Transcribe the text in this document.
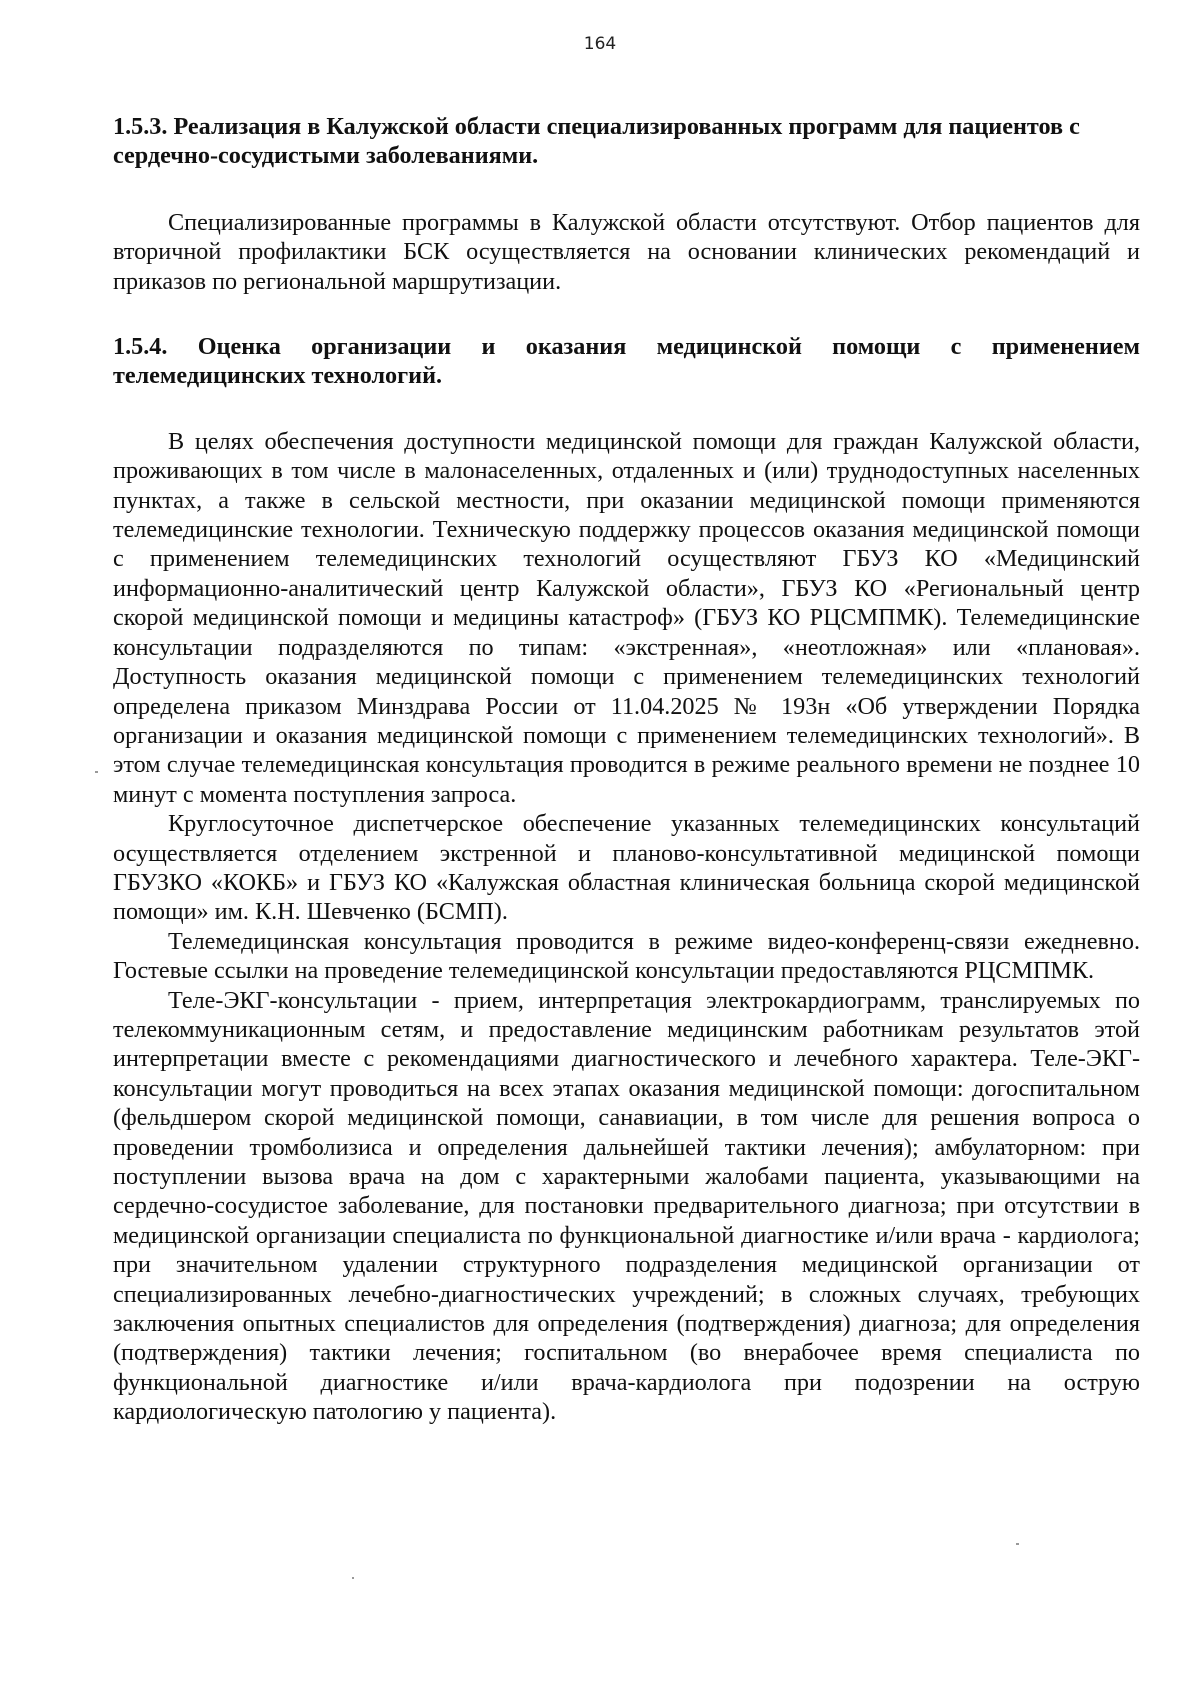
164

1.5.3. Реализация в Калужской области специализированных программ для пациентов с сердечно-сосудистыми заболеваниями.

Специализированные программы в Калужской области отсутствуют. Отбор пациентов для вторичной профилактики БСК осуществляется на основании клинических рекомендаций и приказов по региональной маршрутизации.

1.5.4. Оценка организации и оказания медицинской помощи с применением телемедицинских технологий.

В целях обеспечения доступности медицинской помощи для граждан Калужской области, проживающих в том числе в малонаселенных, отдаленных и (или) труднодоступных населенных пунктах, а также в сельской местности, при оказании медицинской помощи применяются телемедицинские технологии. Техническую поддержку процессов оказания медицинской помощи с применением телемедицинских технологий осуществляют ГБУЗ КО «Медицинский информационно-аналитический центр Калужской области», ГБУЗ КО «Региональный центр скорой медицинской помощи и медицины катастроф» (ГБУЗ КО РЦСМПМК). Телемедицинские консультации подразделяются по типам: «экстренная», «неотложная» или «плановая». Доступность оказания медицинской помощи с применением телемедицинских технологий определена приказом Минздрава России от 11.04.2025 № 193н «Об утверждении Порядка организации и оказания медицинской помощи с применением телемедицинских технологий». В этом случае телемедицинская консультация проводится в режиме реального времени не позднее 10 минут с момента поступления запроса.

Круглосуточное диспетчерское обеспечение указанных телемедицинских консультаций осуществляется отделением экстренной и планово-консультативной медицинской помощи ГБУЗКО «КОКБ» и ГБУЗ КО «Калужская областная клиническая больница скорой медицинской помощи» им. К.Н. Шевченко (БСМП).

Телемедицинская консультация проводится в режиме видео-конференц-связи ежедневно. Гостевые ссылки на проведение телемедицинской консультации предоставляются РЦСМПМК.

Теле-ЭКГ-консультации - прием, интерпретация электрокардиограмм, транслируемых по телекоммуникационным сетям, и предоставление медицинским работникам результатов этой интерпретации вместе с рекомендациями диагностического и лечебного характера. Теле-ЭКГ-консультации могут проводиться на всех этапах оказания медицинской помощи: догоспитальном (фельдшером скорой медицинской помощи, санавиации, в том числе для решения вопроса о проведении тромболизиса и определения дальнейшей тактики лечения); амбулаторном: при поступлении вызова врача на дом с характерными жалобами пациента, указывающими на сердечно-сосудистое заболевание, для постановки предварительного диагноза; при отсутствии в медицинской организации специалиста по функциональной диагностике и/или врача - кардиолога; при значительном удалении структурного подразделения медицинской организации от специализированных лечебно-диагностических учреждений; в сложных случаях, требующих заключения опытных специалистов для определения (подтверждения) диагноза; для определения (подтверждения) тактики лечения; госпитальном (во внерабочее время специалиста по функциональной диагностике и/или врача-кардиолога при подозрении на острую кардиологическую патологию у пациента).
